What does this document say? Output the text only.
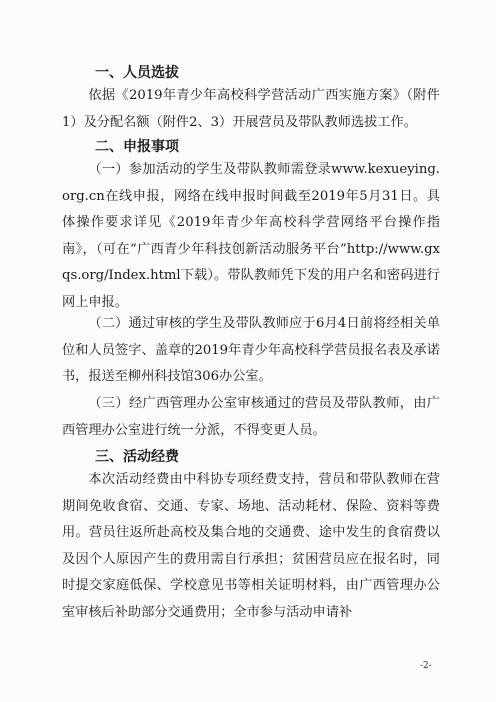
一、人员选拔
依据《2019年青少年高校科学营活动广西实施方案》（附件1）及分配名额（附件2、3）开展营员及带队教师选拔工作。
二、申报事项
（一）参加活动的学生及带队教师需登录www.kexueying.org.cn在线申报，网络在线申报时间截至2019年5月31日。具体操作要求详见《2019年青少年高校科学营网络平台操作指南》，（可在“广西青少年科技创新活动服务平台”http://www.gxqs.org/Index.html下载）。带队教师凭下发的用户名和密码进行网上申报。
（二）通过审核的学生及带队教师应于6月4日前将经相关单位和人员签字、盖章的2019年青少年高校科学营员报名表及承诺书，报送至柳州科技馆306办公室。
（三）经广西管理办公室审核通过的营员及带队教师，由广西管理办公室进行统一分派，不得变更人员。
三、活动经费
本次活动经费由中科协专项经费支持，营员和带队教师在营期间免收食宿、交通、专家、场地、活动耗材、保险、资料等费用。营员往返所赴高校及集合地的交通费、途中发生的食宿费以及因个人原因产生的费用需自行承担；贫困营员应在报名时，同时提交家庭低保、学校意见书等相关证明材料，由广西管理办公室审核后补助部分交通费用；全市参与活动申请补
-2-
